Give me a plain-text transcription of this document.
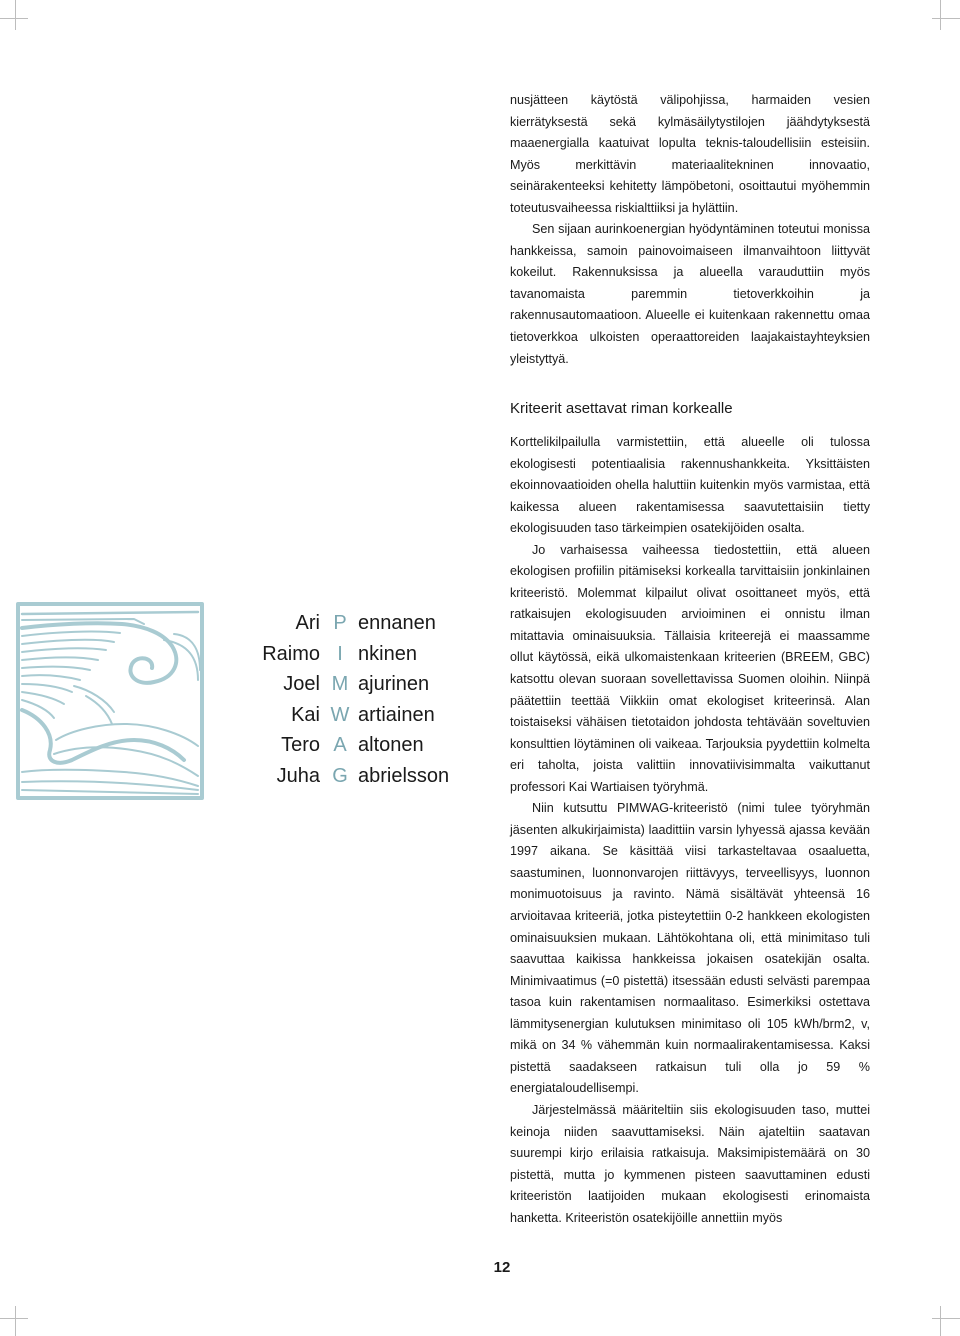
nusjätteen käytöstä välipohjissa, harmaiden vesien kierrätyksestä sekä kylmäsäilytystilojen jäähdytyksestä maaenergialla kaatuivat lopulta teknis-taloudellisiin esteisiin. Myös merkittävin materiaalitekninen innovaatio, seinärakenteeksi kehitetty lämpöbetoni, osoittautui myöhemmin toteutusvaiheessa riskialttiiksi ja hylättiin.

Sen sijaan aurinkoenergian hyödyntäminen toteutui monissa hankkeissa, samoin painovoimaiseen ilmanvaihtoon liittyvät kokeilut. Rakennuksissa ja alueella varauduttiin myös tavanomaista paremmin tietoverkkoihin ja rakennusautomaatioon. Alueelle ei kuitenkaan rakennettu omaa tietoverkkoa ulkoisten operaattoreiden laajakaistayhteyksien yleistyttyä.

Kriteerit asettavat riman korkealle

Korttelikilpailulla varmistettiin, että alueelle oli tulossa ekologisesti potentiaalisia rakennushankkeita. Yksittäisten ekoinnovaatioiden ohella haluttiin kuitenkin myös varmistaa, että kaikessa alueen rakentamisessa saavutettaisiin tietty ekologisuuden taso tärkeimpien osatekijöiden osalta.

Jo varhaisessa vaiheessa tiedostettiin, että alueen ekologisen profiilin pitämiseksi korkealla tarvittaisiin jonkinlainen kriteeristö. Molemmat kilpailut olivat osoittaneet myös, että ratkaisujen ekologisuuden arvioiminen ei onnistu ilman mitattavia ominaisuuksia. Tällaisia kriteerejä ei maassamme ollut käytössä, eikä ulkomaistenkaan kriteerien (BREEM, GBC) katsottu olevan suoraan sovellettavissa Suomen oloihin. Niinpä päätettiin teettää Viikkiin omat ekologiset kriteerinsä. Alan toistaiseksi vähäisen tietotaidon johdosta tehtävään soveltuvien konsulttien löytäminen oli vaikeaa. Tarjouksia pyydettiin kolmelta eri taholta, joista valittiin innovatiivisimmalta vaikuttanut professori Kai Wartiaisen työryhmä.

Niin kutsuttu PIMWAG-kriteeristö (nimi tulee työryhmän jäsenten alkukirjaimista) laadittiin varsin lyhyessä ajassa kevään 1997 aikana. Se käsittää viisi tarkasteltavaa osaaluetta, saastuminen, luonnonvarojen riittävyys, terveellisyys, luonnon monimuotoisuus ja ravinto. Nämä sisältävät yhteensä 16 arvioitavaa kriteeriä, jotka pisteytettiin 0-2 hankkeen ekologisten ominaisuuksien mukaan. Lähtökohtana oli, että minimitaso tuli saavuttaa kaikissa hankkeissa jokaisen osatekijän osalta. Minimivaatimus (=0 pistettä) itsessään edusti selvästi parempaa tasoa kuin rakentamisen normaalitaso. Esimerkiksi ostettava lämmitysenergian kulutuksen minimitaso oli 105 kWh/brm2, v, mikä on 34 % vähemmän kuin normaalirakentamisessa. Kaksi pistettä saadakseen ratkaisun tuli olla jo 59 % energiataloudellisempi.

Järjestelmässä määriteltiin siis ekologisuuden taso, muttei keinoja niiden saavuttamiseksi. Näin ajateltiin saatavan suurempi kirjo erilaisia ratkaisuja. Maksimipistemäärä on 30 pistettä, mutta jo kymmenen pisteen saavuttaminen edusti kriteeristön laatijoiden mukaan ekologisesti erinomaista hanketta. Kriteeristön osatekijöille annettiin myös

Ari P ennanen
Raimo I nkinen
Joel M ajurinen
Kai W artiainen
Tero A altonen
Juha G abrielsson
12
